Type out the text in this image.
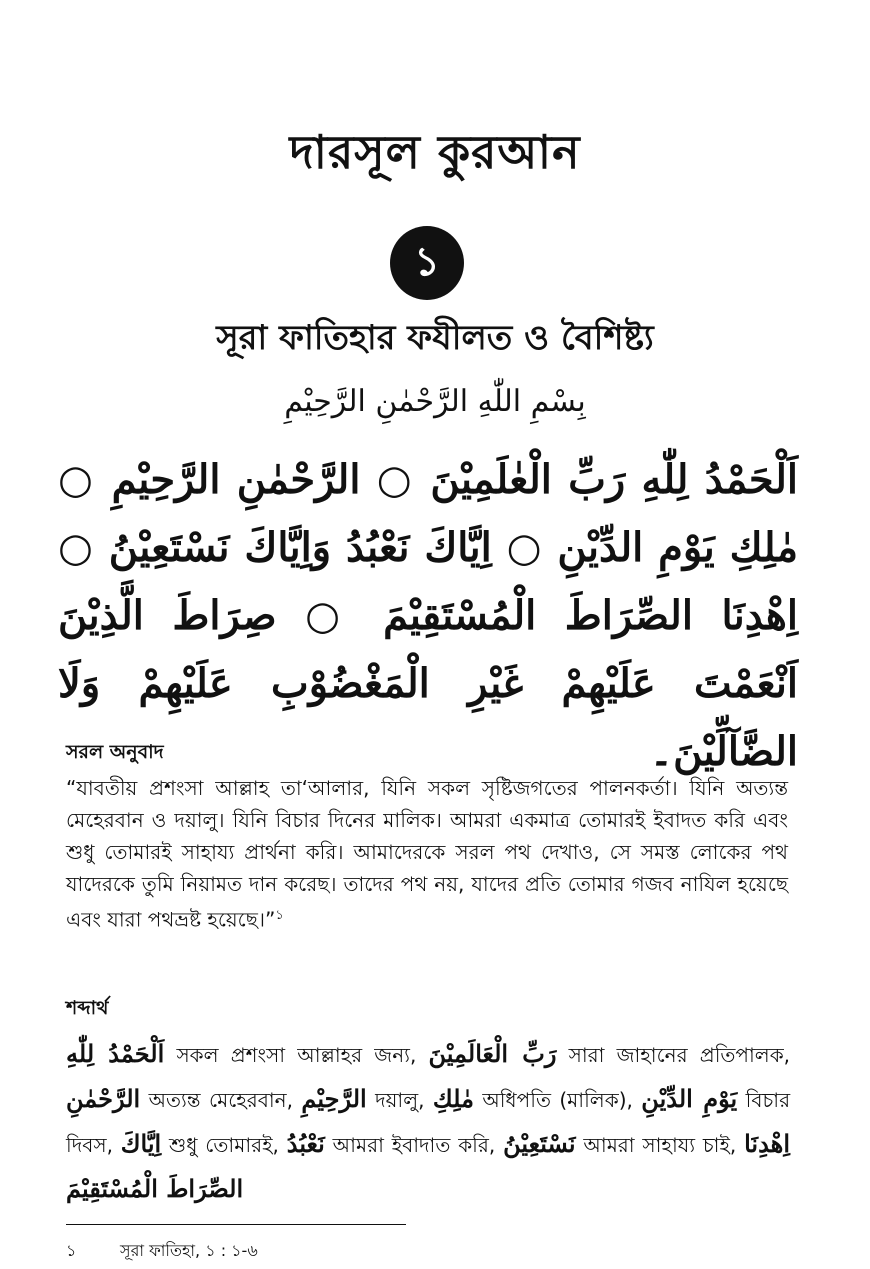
দারসূল কুরআন
১
সূরা ফাতিহার ফযীলত ও বৈশিষ্ট্য
بِسْمِ اللّٰهِ الرَّحْمٰنِ الرَّحِيْمِ
اَلْحَمْدُ لِلّٰهِ رَبِّ الْعٰلَمِيْنَ ○ الرَّحْمٰنِ الرَّحِيْمِ ○ مٰلِكِ يَوْمِ الدِّيْنِ ○ اِيَّاكَ نَعْبُدُ وَاِيَّاكَ نَسْتَعِيْنُ ○ اِهْدِنَا الصِّرَاطَ الْمُسْتَقِيْمَ ○ صِرَاطَ الَّذِيْنَ اَنْعَمْتَ عَلَيْهِمْ غَيْرِ الْمَغْضُوْبِ عَلَيْهِمْ وَلَا الضَّآلِّيْنَ۔
সরল অনুবাদ
“যাবতীয় প্রশংসা আল্লাহ তা‘আলার, যিনি সকল সৃষ্টিজগতের পালনকর্তা। যিনি অত্যন্ত মেহেরবান ও দয়ালু। যিনি বিচার দিনের মালিক। আমরা একমাত্র তোমারই ইবাদত করি এবং শুধু তোমারই সাহায্য প্রার্থনা করি। আমাদেরকে সরল পথ দেখাও, সে সমস্ত লোকের পথ যাদেরকে তুমি নিয়ামত দান করেছ। তাদের পথ নয়, যাদের প্রতি তোমার গজব নাযিল হয়েছে এবং যারা পথভ্রষ্ট হয়েছে।”$^১$
শব্দার্থ
اَلْحَمْدُ لِلّٰهِ সকল প্রশংসা আল্লাহর জন্য, رَبِّ الْعَالَمِيْنَ সারা জাহানের প্রতিপালক, الرَّحْمٰنِ অত্যন্ত মেহেরবান, الرَّحِيْمِ দয়ালু, مٰلِكِ অধিপতি (মালিক), يَوْمِ الدِّيْنِ বিচার দিবস, اِيَّاكَ শুধু তোমারই, نَعْبُدُ আমরা ইবাদাত করি, نَسْتَعِيْنُ আমরা সাহায্য চাই, اِهْدِنَا الصِّرَاطَ الْمُسْتَقِيْمَ
১	সূরা ফাতিহা, ১ : ১-৬
